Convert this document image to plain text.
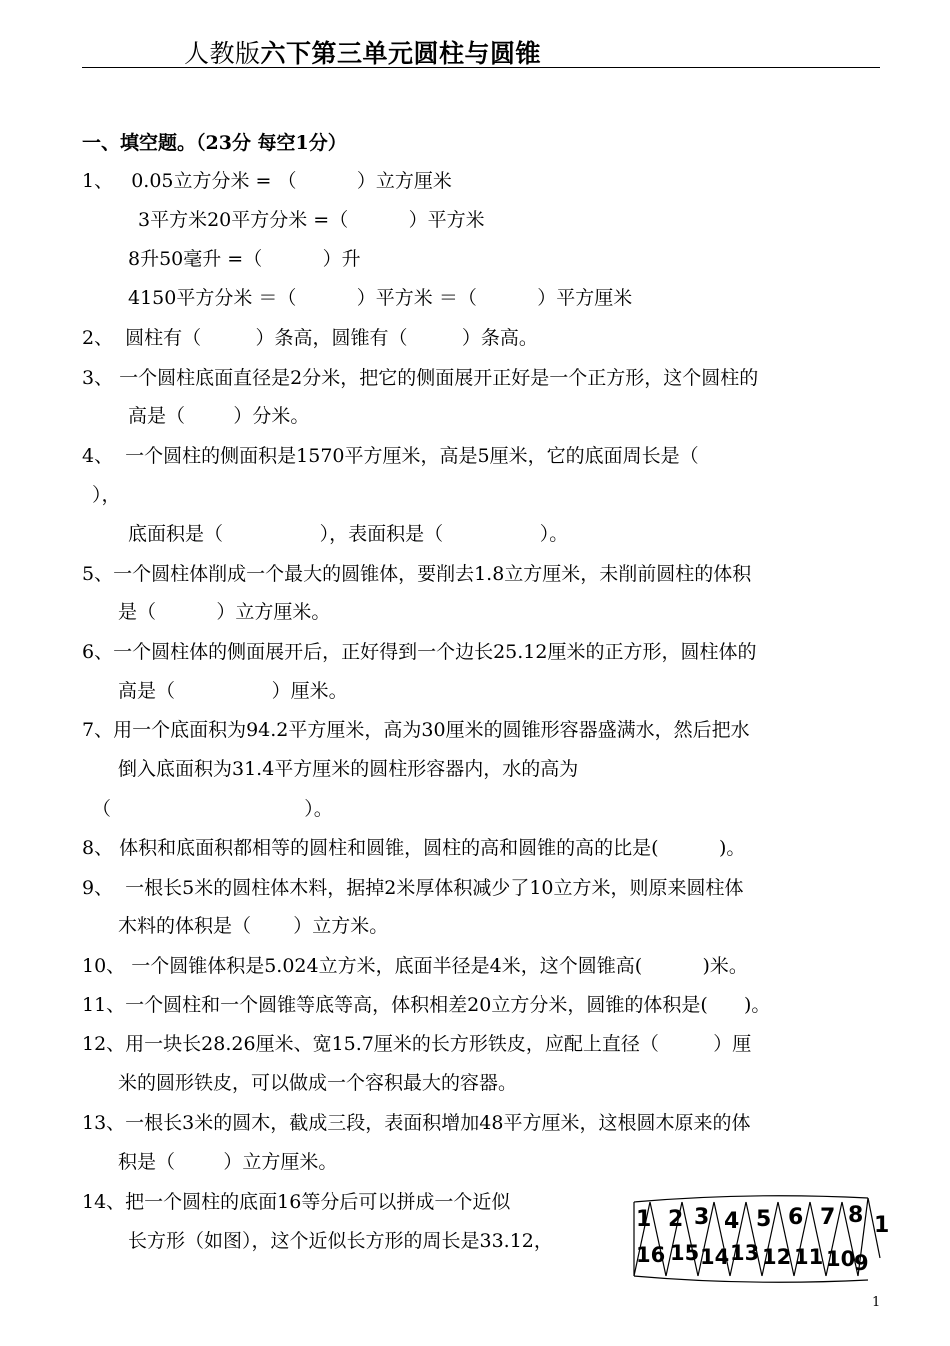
人教版六下第三单元圆柱与圆锥
一、填空题。（23分 每空1分）
1、   0.05立方分米 = （          ）立方厘米
3平方米20平方分米 =（          ）平方米
8升50毫升 =（          ）升
4150平方分米 ＝（          ）平方米 ＝（          ）平方厘米
2、  圆柱有（         ）条高，圆锥有（         ）条高。
3、 一个圆柱底面直径是2分米，把它的侧面展开正好是一个正方形，这个圆柱的
高是（        ）分米。
4、  一个圆柱的侧面积是1570平方厘米，高是5厘米，它的底面周长是（
），
底面积是（                ），表面积是（                ）。
5、一个圆柱体削成一个最大的圆锥体，要削去1.8立方厘米，未削前圆柱的体积
是（          ）立方厘米。
6、一个圆柱体的侧面展开后，正好得到一个边长25.12厘米的正方形，圆柱体的
高是（                ）厘米。
7、用一个底面积为94.2平方厘米，高为30厘米的圆锥形容器盛满水，然后把水
倒入底面积为31.4平方厘米的圆柱形容器内，水的高为
（                                ）。
8、 体积和底面积都相等的圆柱和圆锥，圆柱的高和圆锥的高的比是(          )。
9、  一根长5米的圆柱体木料，据掉2米厚体积减少了10立方米，则原来圆柱体
木料的体积是（       ）立方米。
10、 一个圆锥体积是5.024立方米，底面半径是4米，这个圆锥高(          )米。
11、一个圆柱和一个圆锥等底等高，体积相差20立方分米，圆锥的体积是(      )。
12、用一块长28.26厘米、宽15.7厘米的长方形铁皮，应配上直径（         ）厘
米的圆形铁皮，可以做成一个容积最大的容器。
13、一根长3米的圆木，截成三段，表面积增加48平方厘米，这根圆木原来的体
积是（        ）立方厘米。
14、把一个圆柱的底面16等分后可以拼成一个近似
长方形（如图），这个近似长方形的周长是33.12，
1 2 3 4 5 6 7 8 1
16 15 14 13 12 11 10
9
1
